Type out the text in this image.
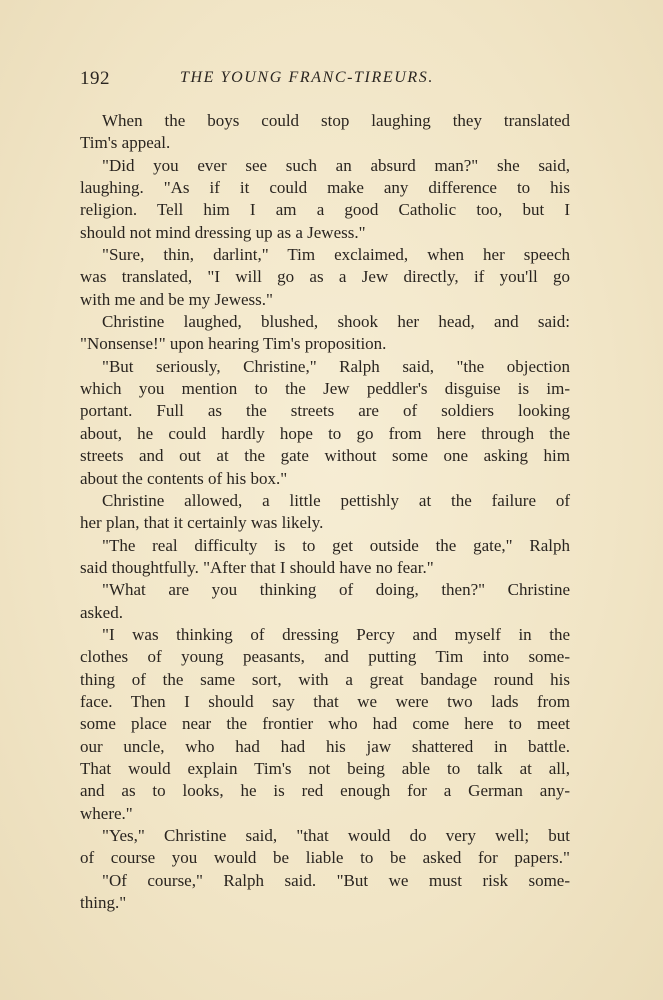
192	THE YOUNG FRANC-TIREURS.
When the boys could stop laughing they translated
Tim's appeal.
"Did you ever see such an absurd man?" she said,
laughing. "As if it could make any difference to his
religion. Tell him I am a good Catholic too, but I
should not mind dressing up as a Jewess."
"Sure, thin, darlint," Tim exclaimed, when her speech
was translated, "I will go as a Jew directly, if you'll go
with me and be my Jewess."
Christine laughed, blushed, shook her head, and said:
"Nonsense!" upon hearing Tim's proposition.
"But seriously, Christine," Ralph said, "the objection
which you mention to the Jew peddler's disguise is im-
portant. Full as the streets are of soldiers looking
about, he could hardly hope to go from here through the
streets and out at the gate without some one asking him
about the contents of his box."
Christine allowed, a little pettishly at the failure of
her plan, that it certainly was likely.
"The real difficulty is to get outside the gate," Ralph
said thoughtfully. "After that I should have no fear."
"What are you thinking of doing, then?" Christine
asked.
"I was thinking of dressing Percy and myself in the
clothes of young peasants, and putting Tim into some-
thing of the same sort, with a great bandage round his
face. Then I should say that we were two lads from
some place near the frontier who had come here to meet
our uncle, who had had his jaw shattered in battle.
That would explain Tim's not being able to talk at all,
and as to looks, he is red enough for a German any-
where."
"Yes," Christine said, "that would do very well; but
of course you would be liable to be asked for papers."
"Of course," Ralph said. "But we must risk some-
thing."
